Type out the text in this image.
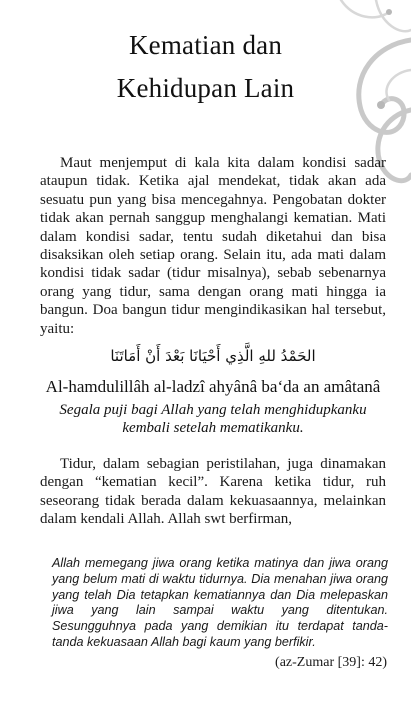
Kematian dan
Kehidupan Lain

Maut menjemput di kala kita dalam kondisi sadar ataupun tidak. Ketika ajal mendekat, tidak akan ada sesuatu pun yang bisa mencegahnya. Pengobatan dokter tidak akan pernah sanggup menghalangi kematian. Mati dalam kondisi sadar, tentu sudah diketahui dan bisa disaksikan oleh setiap orang. Selain itu, ada mati dalam kondisi tidak sadar (tidur misalnya), sebab sebenarnya orang yang tidur, sama dengan orang mati hingga ia bangun. Doa bangun tidur mengindikasikan hal tersebut, yaitu:

الحَمْدُ للهِ الَّذِي أَحْيَانَا بَعْدَ أَنْ أَمَاتَنَا
Al-hamdulillâh al-ladzî ahyânâ ba‘da an amâtanâ
Segala puji bagi Allah yang telah menghidupkanku kembali setelah mematikanku.

Tidur, dalam sebagian peristilahan, juga dinamakan dengan “kematian kecil”. Karena ketika tidur, ruh seseorang tidak berada dalam kekuasaannya, melainkan dalam kendali Allah. Allah swt berfirman,

Allah memegang jiwa orang ketika matinya dan jiwa orang yang belum mati di waktu tidurnya. Dia menahan jiwa orang yang telah Dia tetapkan kematiannya dan Dia melepaskan jiwa yang lain sampai waktu yang ditentukan. Sesungguhnya pada yang demikian itu terdapat tanda-tanda kekuasaan Allah bagi kaum yang berfikir.

(az-Zumar [39]: 42)
